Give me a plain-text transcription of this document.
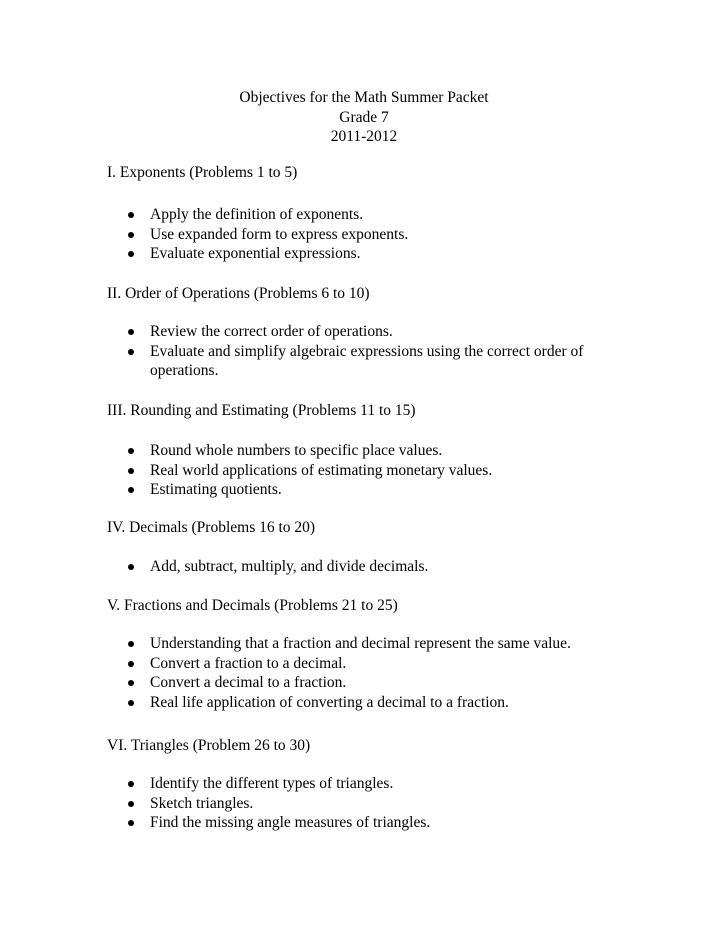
Objectives for the Math Summer Packet
Grade 7
2011-2012
I. Exponents (Problems 1 to 5)
Apply the definition of exponents.
Use expanded form to express exponents.
Evaluate exponential expressions.
II. Order of Operations (Problems 6 to 10)
Review the correct order of operations.
Evaluate and simplify algebraic expressions using the correct order of operations.
III. Rounding and Estimating (Problems 11 to 15)
Round whole numbers to specific place values.
Real world applications of estimating monetary values.
Estimating quotients.
IV. Decimals (Problems 16 to 20)
Add, subtract, multiply, and divide decimals.
V. Fractions and Decimals (Problems 21 to 25)
Understanding that a fraction and decimal represent the same value.
Convert a fraction to a decimal.
Convert a decimal to a fraction.
Real life application of converting a decimal to a fraction.
VI. Triangles (Problem 26 to 30)
Identify the different types of triangles.
Sketch triangles.
Find the missing angle measures of triangles.
